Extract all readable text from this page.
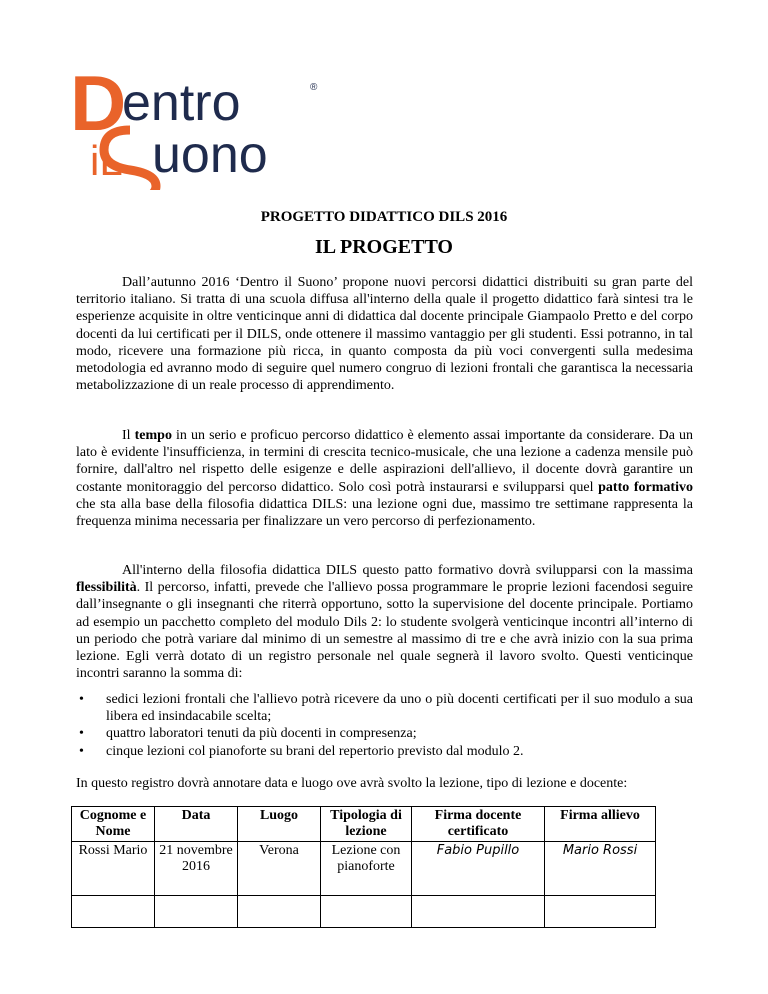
D
entro	®
iL uono
PROGETTO DIDATTICO DILS 2016
IL PROGETTO

Dall’autunno 2016 ‘Dentro il Suono’ propone nuovi percorsi didattici distribuiti su gran parte del territorio italiano. Si tratta di una scuola diffusa all'interno della quale il progetto didattico farà sintesi tra le esperienze acquisite in oltre venticinque anni di didattica dal docente principale Giampaolo Pretto e del corpo docenti da lui certificati per il DILS, onde ottenere il massimo vantaggio per gli studenti. Essi potranno, in tal modo, ricevere una formazione più ricca, in quanto composta da più voci convergenti sulla medesima metodologia ed avranno modo di seguire quel numero congruo di lezioni frontali che garantisca la necessaria metabolizzazione di un reale processo di apprendimento.

Il tempo in un serio e proficuo percorso didattico è elemento assai importante da considerare. Da un lato è evidente l'insufficienza, in termini di crescita tecnico-musicale, che una lezione a cadenza mensile può fornire, dall'altro nel rispetto delle esigenze e delle aspirazioni dell'allievo, il docente dovrà garantire un costante monitoraggio del percorso didattico. Solo così potrà instaurarsi e svilupparsi quel patto formativo che sta alla base della filosofia didattica DILS: una lezione ogni due, massimo tre settimane rappresenta la frequenza minima necessaria per finalizzare un vero percorso di perfezionamento.

All'interno della filosofia didattica DILS questo patto formativo dovrà svilupparsi con la massima flessibilità. Il percorso, infatti, prevede che l'allievo possa programmare le proprie lezioni facendosi seguire dall’insegnante o gli insegnanti che riterrà opportuno, sotto la supervisione del docente principale. Portiamo ad esempio un pacchetto completo del modulo Dils 2: lo studente svolgerà venticinque incontri all’interno di un periodo che potrà variare dal minimo di un semestre al massimo di tre e che avrà inizio con la sua prima lezione. Egli verrà dotato di un registro personale nel quale segnerà il lavoro svolto. Questi venticinque incontri saranno la somma di:

• sedici lezioni frontali che l'allievo potrà ricevere da uno o più docenti certificati per il suo modulo a sua libera ed insindacabile scelta;
• quattro laboratori tenuti da più docenti in compresenza;
• cinque lezioni col pianoforte su brani del repertorio previsto dal modulo 2.

In questo registro dovrà annotare data e luogo ove avrà svolto la lezione, tipo di lezione e docente:

Cognome e Nome	Data	Luogo	Tipologia di lezione	Firma docente certificato	Firma allievo
Rossi Mario	21 novembre 2016	Verona	Lezione con pianoforte	Fabio Pupillo	Mario Rossi
